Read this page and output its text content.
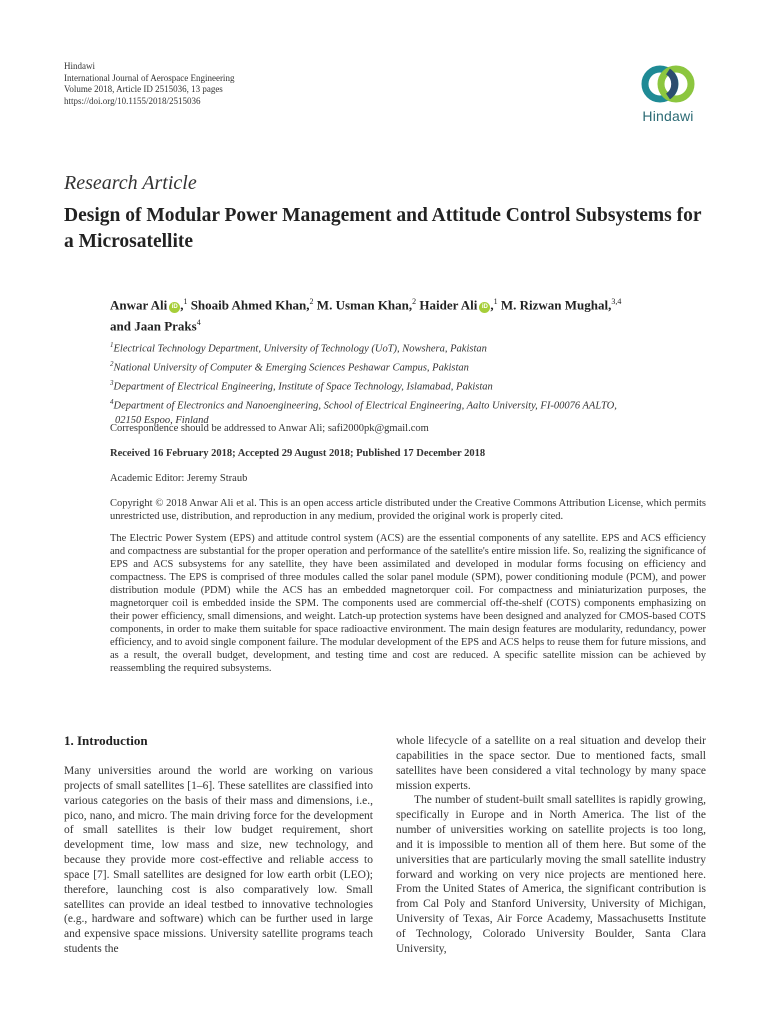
Hindawi
International Journal of Aerospace Engineering
Volume 2018, Article ID 2515036, 13 pages
https://doi.org/10.1155/2018/2515036
Hindawi
Research Article
Design of Modular Power Management and Attitude Control Subsystems for a Microsatellite
Anwar Ali iD ,$^1$ Shoaib Ahmed Khan,$^2$ M. Usman Khan,$^2$ Haider Ali iD ,$^1$ M. Rizwan Mughal,$^{3,4}$
and Jaan Praks$^4$
$^1$Electrical Technology Department, University of Technology (UoT), Nowshera, Pakistan
$^2$National University of Computer & Emerging Sciences Peshawar Campus, Pakistan
$^3$Department of Electrical Engineering, Institute of Space Technology, Islamabad, Pakistan
$^4$Department of Electronics and Nanoengineering, School of Electrical Engineering, Aalto University, FI-00076 AALTO,
02150 Espoo, Finland
Correspondence should be addressed to Anwar Ali; safi2000pk@gmail.com
Received 16 February 2018; Accepted 29 August 2018; Published 17 December 2018
Academic Editor: Jeremy Straub
Copyright © 2018 Anwar Ali et al. This is an open access article distributed under the Creative Commons Attribution License, which permits unrestricted use, distribution, and reproduction in any medium, provided the original work is properly cited.
The Electric Power System (EPS) and attitude control system (ACS) are the essential components of any satellite. EPS and ACS efficiency and compactness are substantial for the proper operation and performance of the satellite's entire mission life. So, realizing the significance of EPS and ACS subsystems for any satellite, they have been assimilated and developed in modular forms focusing on efficiency and compactness. The EPS is comprised of three modules called the solar panel module (SPM), power conditioning module (PCM), and power distribution module (PDM) while the ACS has an embedded magnetorquer coil. For compactness and miniaturization purposes, the magnetorquer coil is embedded inside the SPM. The components used are commercial off-the-shelf (COTS) components emphasizing on their power efficiency, small dimensions, and weight. Latch-up protection systems have been designed and analyzed for CMOS-based COTS components, in order to make them suitable for space radioactive environment. The main design features are modularity, redundancy, power efficiency, and to avoid single component failure. The modular development of the EPS and ACS helps to reuse them for future missions, and as a result, the overall budget, development, and testing time and cost are reduced. A specific satellite mission can be achieved by reassembling the required subsystems.
1. Introduction

Many universities around the world are working on various projects of small satellites [1–6]. These satellites are classified into various categories on the basis of their mass and dimensions, i.e., pico, nano, and micro. The main driving force for the development of small satellites is their low budget requirement, short development time, low mass and size, new technology, and because they provide more cost-effective and reliable access to space [7]. Small satellites are designed for low earth orbit (LEO); therefore, launching cost is also comparatively low. Small satellites can provide an ideal testbed to innovative technologies (e.g., hardware and software) which can be further used in large and expensive space missions. University satellite programs teach students the

whole lifecycle of a satellite on a real situation and develop their capabilities in the space sector. Due to mentioned facts, small satellites have been considered a vital technology by many space mission experts.

The number of student-built small satellites is rapidly growing, specifically in Europe and in North America. The list of the number of universities working on satellite projects is too long, and it is impossible to mention all of them here. But some of the universities that are particularly moving the small satellite industry forward and working on very nice projects are mentioned here. From the United States of America, the significant contribution is from Cal Poly and Stanford University, University of Michigan, University of Texas, Air Force Academy, Massachusetts Institute of Technology, Colorado University Boulder, Santa Clara University,
